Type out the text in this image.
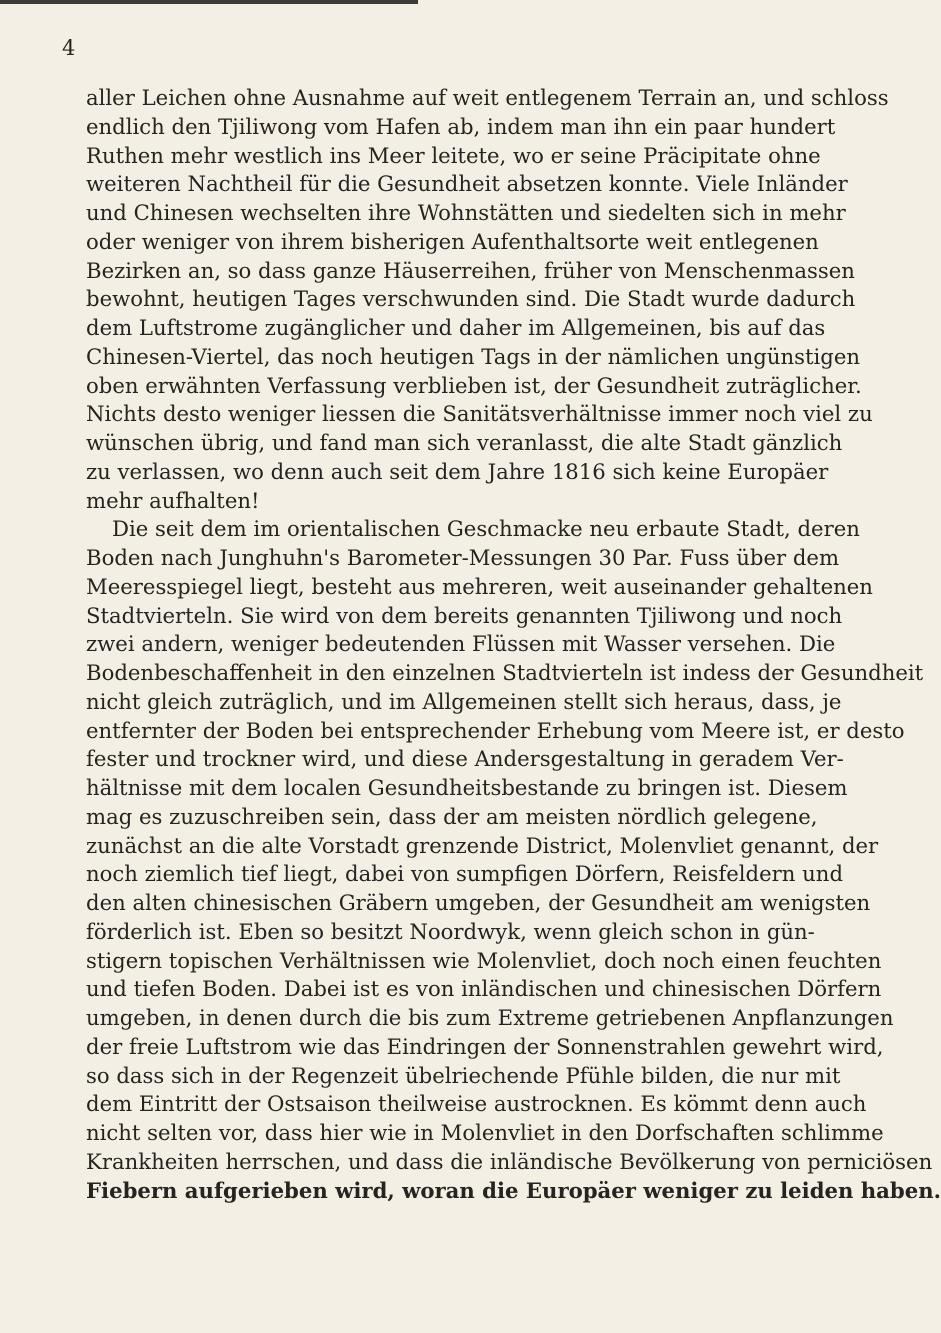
4
aller Leichen ohne Ausnahme auf weit entlegenem Terrain an, und schloss
endlich den Tjiliwong vom Hafen ab, indem man ihn ein paar hundert
Ruthen mehr westlich ins Meer leitete, wo er seine Präcipitate ohne
weiteren Nachtheil für die Gesundheit absetzen konnte. Viele Inländer
und Chinesen wechselten ihre Wohnstätten und siedelten sich in mehr
oder weniger von ihrem bisherigen Aufenthaltsorte weit entlegenen
Bezirken an, so dass ganze Häuserreihen, früher von Menschenmassen
bewohnt, heutigen Tages verschwunden sind. Die Stadt wurde dadurch
dem Luftstrome zugänglicher und daher im Allgemeinen, bis auf das
Chinesen-Viertel, das noch heutigen Tags in der nämlichen ungünstigen
oben erwähnten Verfassung verblieben ist, der Gesundheit zuträglicher.
Nichts desto weniger liessen die Sanitätsverhältnisse immer noch viel zu
wünschen übrig, und fand man sich veranlasst, die alte Stadt gänzlich
zu verlassen, wo denn auch seit dem Jahre 1816 sich keine Europäer
mehr aufhalten!
Die seit dem im orientalischen Geschmacke neu erbaute Stadt, deren
Boden nach Junghuhn's Barometer-Messungen 30 Par. Fuss über dem
Meeresspiegel liegt, besteht aus mehreren, weit auseinander gehaltenen
Stadtvierteln. Sie wird von dem bereits genannten Tjiliwong und noch
zwei andern, weniger bedeutenden Flüssen mit Wasser versehen. Die
Bodenbeschaffenheit in den einzelnen Stadtvierteln ist indess der Gesundheit
nicht gleich zuträglich, und im Allgemeinen stellt sich heraus, dass, je
entfernter der Boden bei entsprechender Erhebung vom Meere ist, er desto
fester und trockner wird, und diese Andersgestaltung in geradem Ver-
hältnisse mit dem localen Gesundheitsbestande zu bringen ist. Diesem
mag es zuzuschreiben sein, dass der am meisten nördlich gelegene,
zunächst an die alte Vorstadt grenzende District, Molenvliet genannt, der
noch ziemlich tief liegt, dabei von sumpfigen Dörfern, Reisfeldern und
den alten chinesischen Gräbern umgeben, der Gesundheit am wenigsten
förderlich ist. Eben so besitzt Noordwyk, wenn gleich schon in gün-
stigern topischen Verhältnissen wie Molenvliet, doch noch einen feuchten
und tiefen Boden. Dabei ist es von inländischen und chinesischen Dörfern
umgeben, in denen durch die bis zum Extreme getriebenen Anpflanzungen
der freie Luftstrom wie das Eindringen der Sonnenstrahlen gewehrt wird,
so dass sich in der Regenzeit übelriechende Pfühle bilden, die nur mit
dem Eintritt der Ostsaison theilweise austrocknen. Es kömmt denn auch
nicht selten vor, dass hier wie in Molenvliet in den Dorfschaften schlimme
Krankheiten herrschen, und dass die inländische Bevölkerung von perniciösen
Fiebern aufgerieben wird, woran die Europäer weniger zu leiden haben.
